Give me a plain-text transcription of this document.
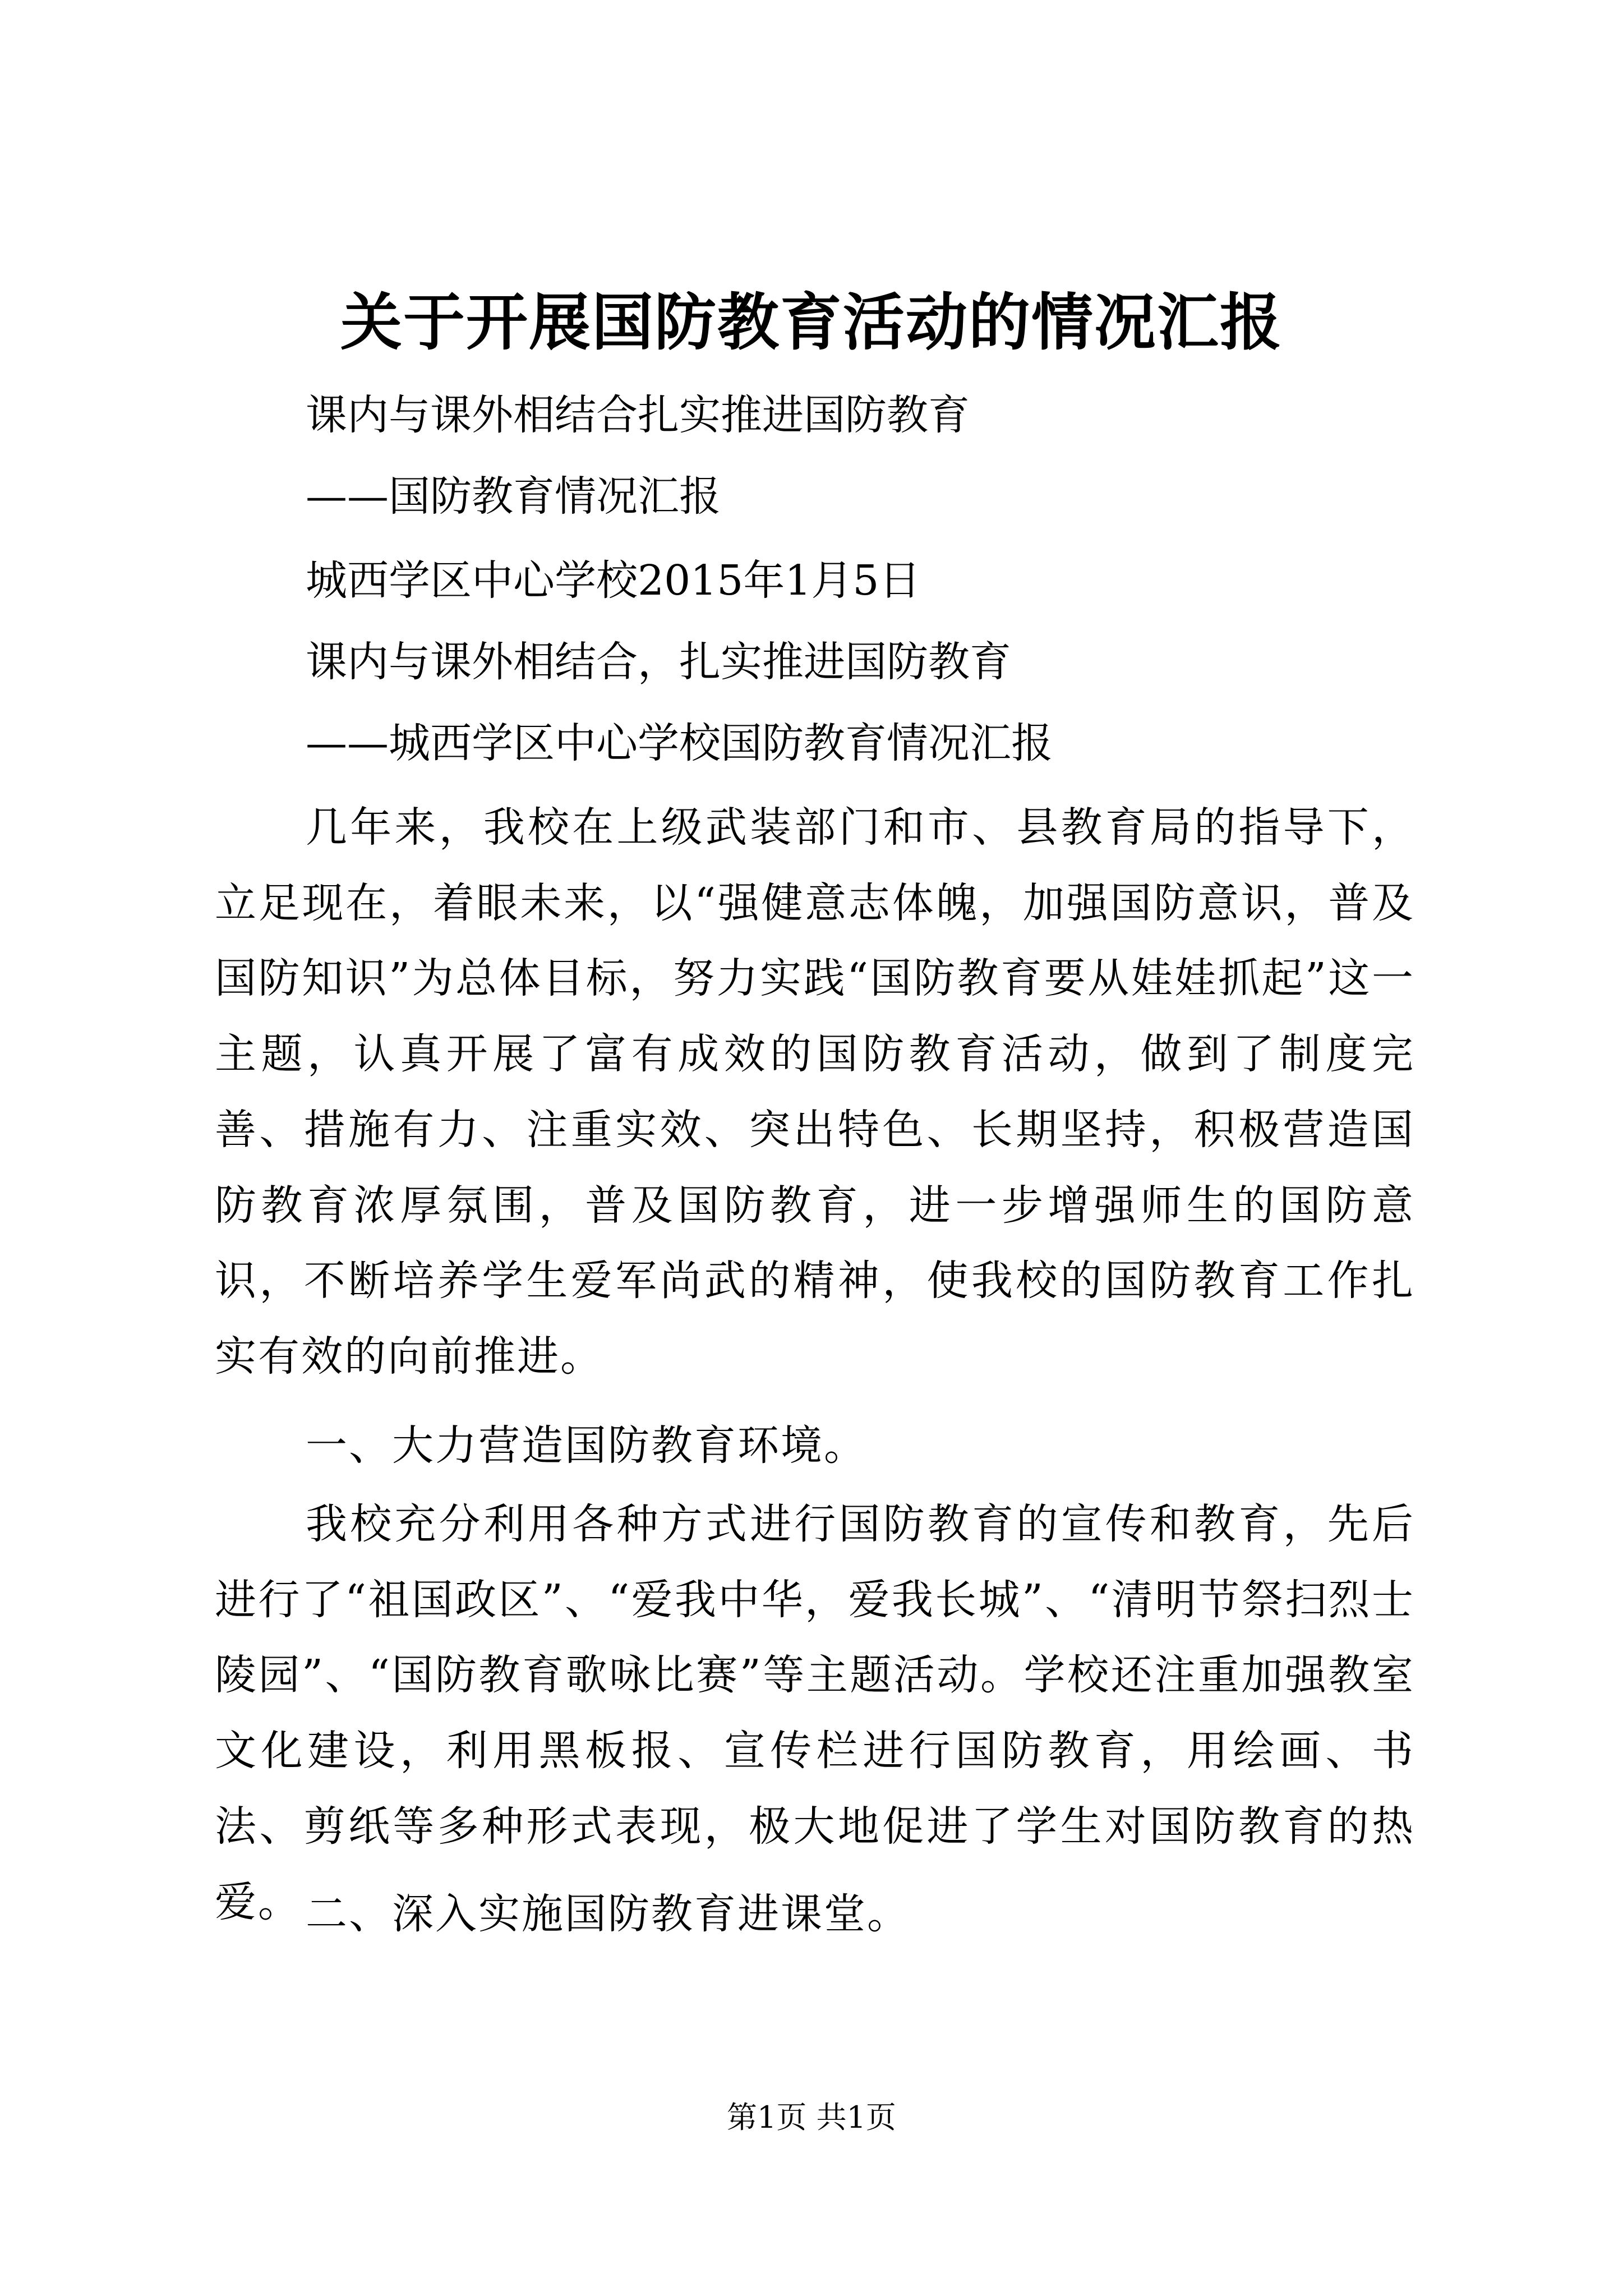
关于开展国防教育活动的情况汇报
课内与课外相结合扎实推进国防教育
——国防教育情况汇报
城西学区中心学校2015年1月5日
课内与课外相结合，扎实推进国防教育
——城西学区中心学校国防教育情况汇报
几年来，我校在上级武装部门和市、县教育局的指导下，立足现在，着眼未来，以“强健意志体魄，加强国防意识，普及国防知识”为总体目标，努力实践“国防教育要从娃娃抓起”这一主题，认真开展了富有成效的国防教育活动，做到了制度完善、措施有力、注重实效、突出特色、长期坚持，积极营造国防教育浓厚氛围，普及国防教育，进一步增强师生的国防意识，不断培养学生爱军尚武的精神，使我校的国防教育工作扎实有效的向前推进。
一、大力营造国防教育环境。
我校充分利用各种方式进行国防教育的宣传和教育，先后进行了“祖国政区”、“爱我中华，爱我长城”、“清明节祭扫烈士陵园”、“国防教育歌咏比赛”等主题活动。学校还注重加强教室文化建设，利用黑板报、宣传栏进行国防教育，用绘画、书法、剪纸等多种形式表现，极大地促进了学生对国防教育的热爱。 二、深入实施国防教育进课堂。
第1页 共1页
